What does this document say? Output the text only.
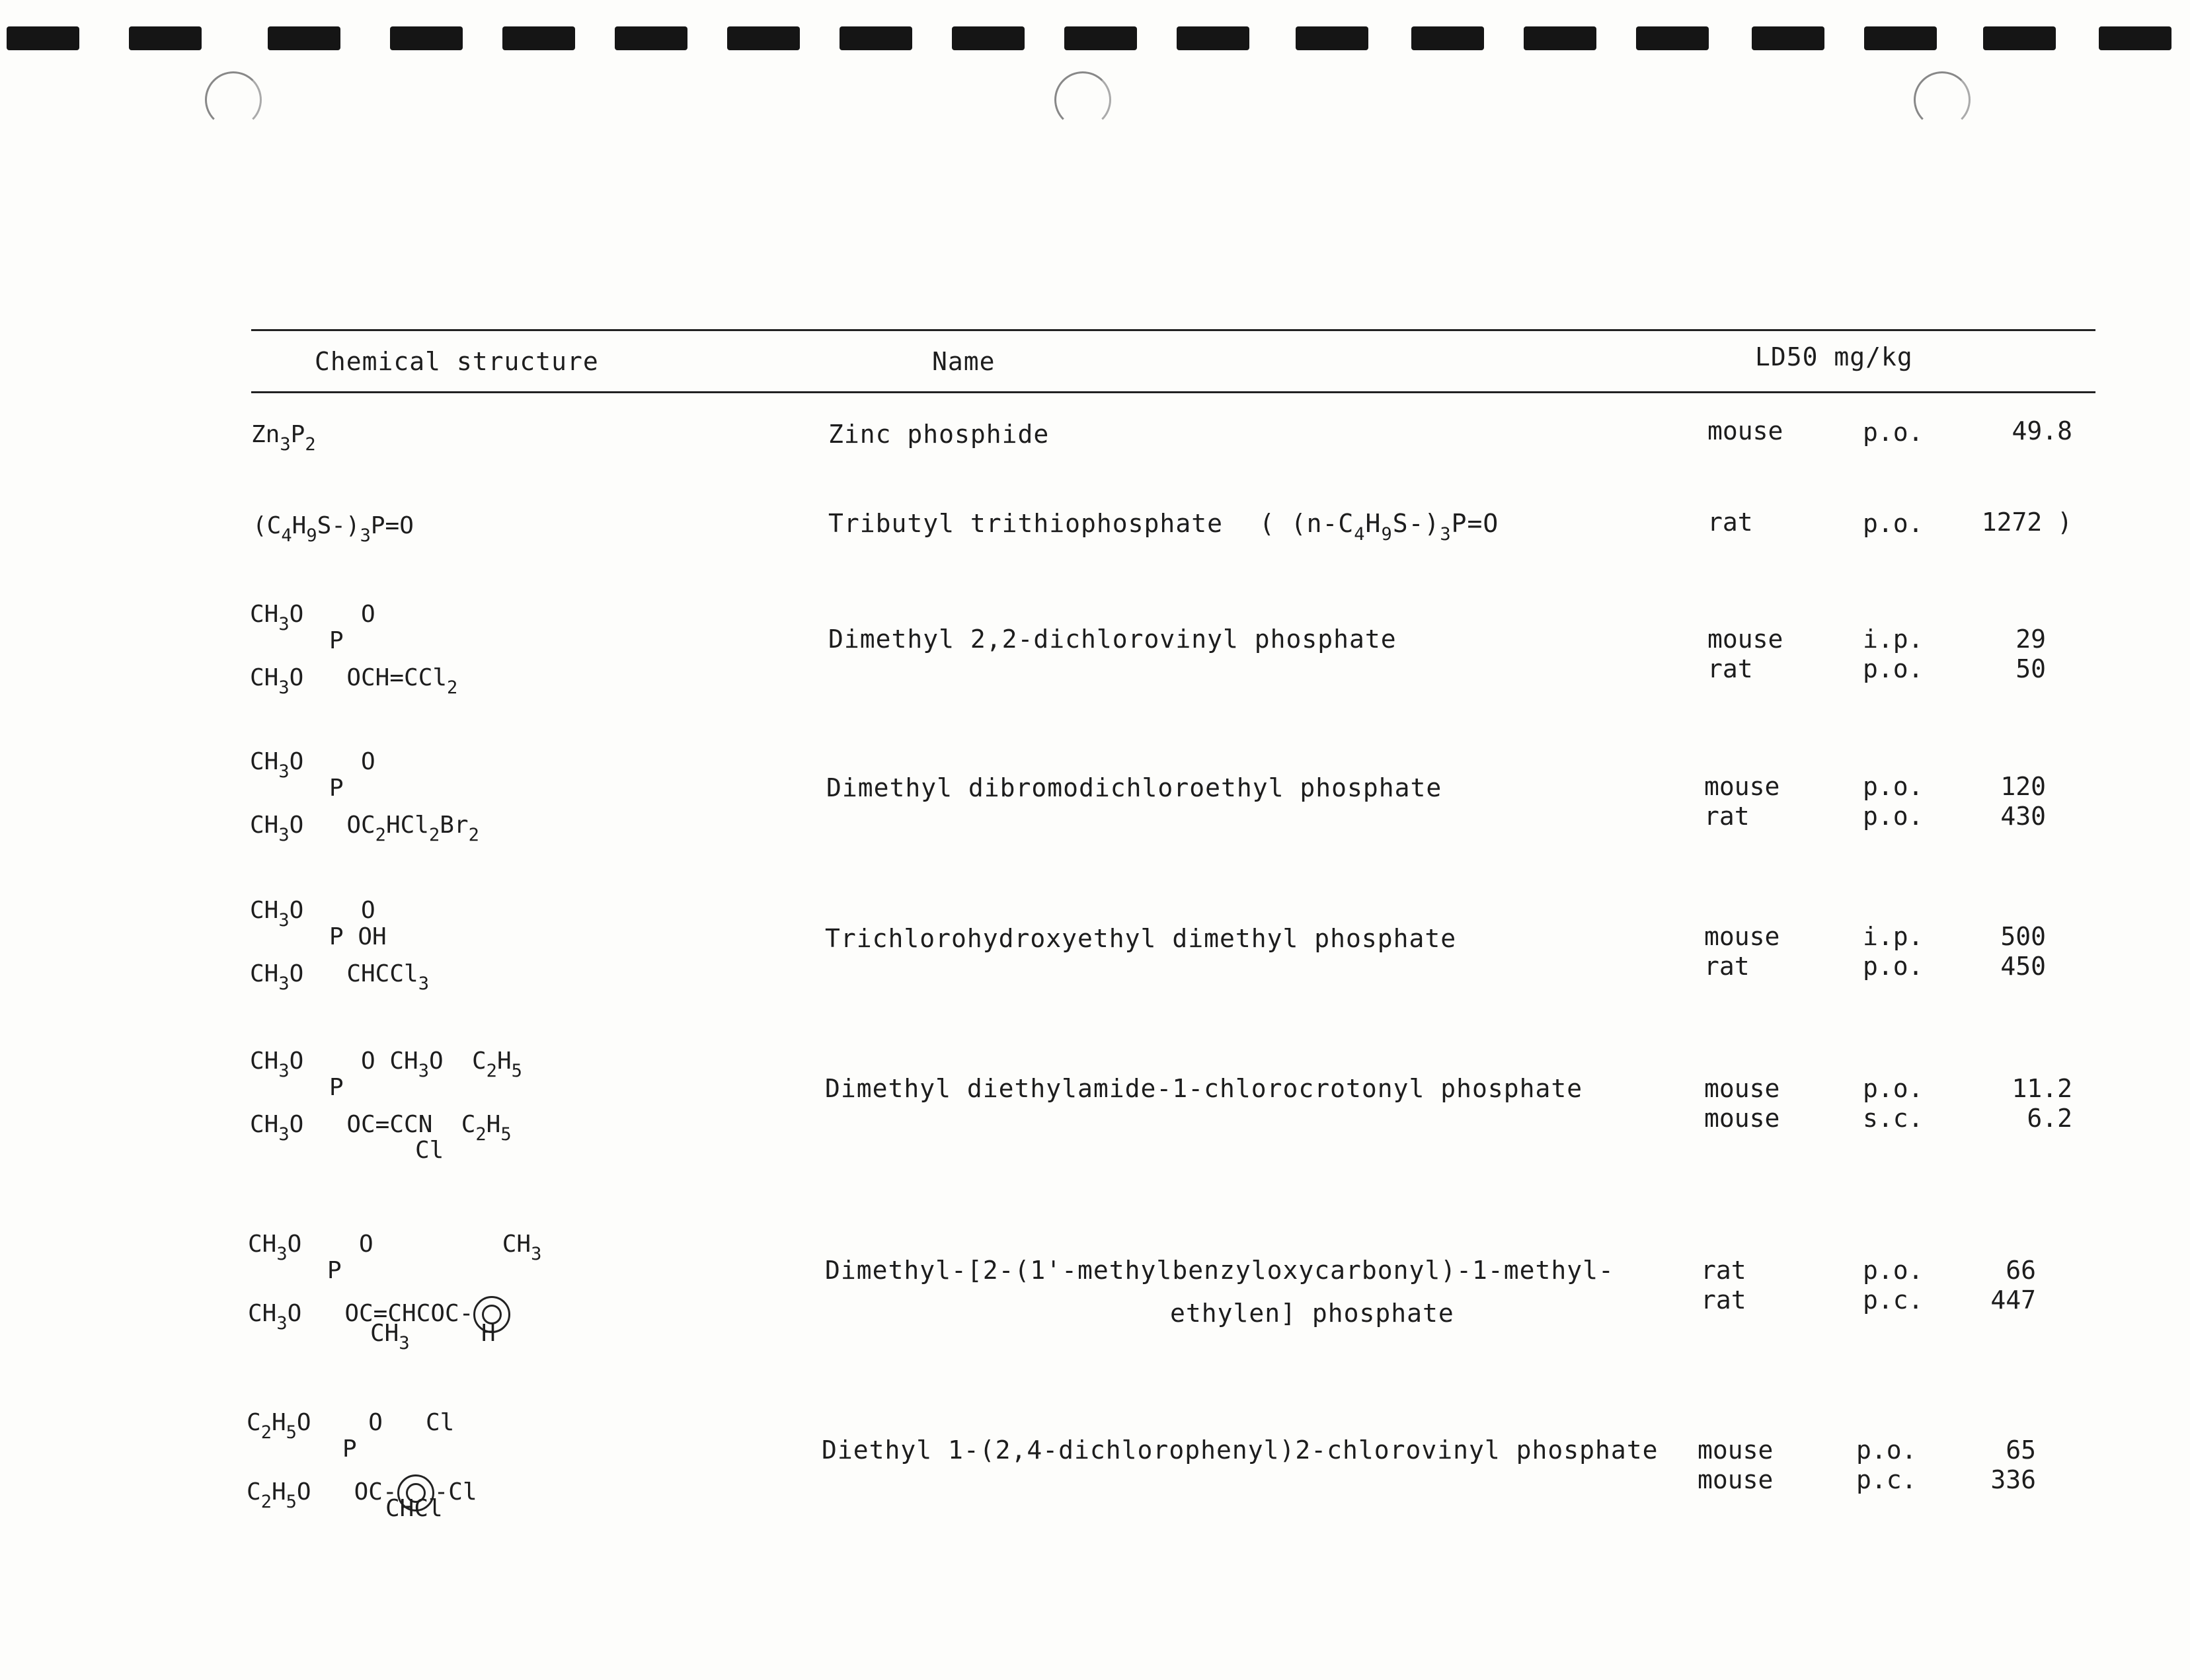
Chemical structure	Name	LD50 mg/kg
$Zn_3P_2$	Zinc phosphide	mouse	p.o.	49.8
$(C_4H_9S-)_3P=O$	Tributyl trithiophosphate ( $(n-C_4H_9S-)_3P=O$	rat	p.o.	1272 )
$CH_3O$    O
P
$CH_3O$   OCH=CCl$_2$
Dimethyl 2,2-dichlorovinyl phosphate	mouse	i.p.	29
rat	p.o.	50
$CH_3O$    O
P
$CH_3O$   $OC_2HCl_2Br_2$
Dimethyl dibromodichloroethyl phosphate	mouse	p.o.	120
rat	p.o.	430
$CH_3O$    O
P OH
$CH_3O$   CHCCl$_3$
Trichlorohydroxyethyl dimethyl phosphate	mouse	i.p.	500
rat	p.o.	450
$CH_3O$    O $CH_3O$  $C_2H_5$
P
$CH_3O$   OC=CCN  $C_2H_5$
Cl
Dimethyl diethylamide-1-chlorocrotonyl phosphate	mouse	p.o.	11.2
mouse	s.c.	6.2
$CH_3O$    O         $CH_3$
P
$CH_3O$   OC=CHCOC-
$CH_3$     H
Dimethyl-[2-(1'-methylbenzyloxycarbonyl)-1-methyl-
ethylen] phosphate
rat	p.o.	66
rat	p.c.	447
$C_2H_5O$    O   Cl
P
$C_2H_5O$   OC- -Cl
CHCl
Diethyl 1-(2,4-dichlorophenyl)2-chlorovinyl phosphate mouse	p.o.	65
mouse	p.c.	336
